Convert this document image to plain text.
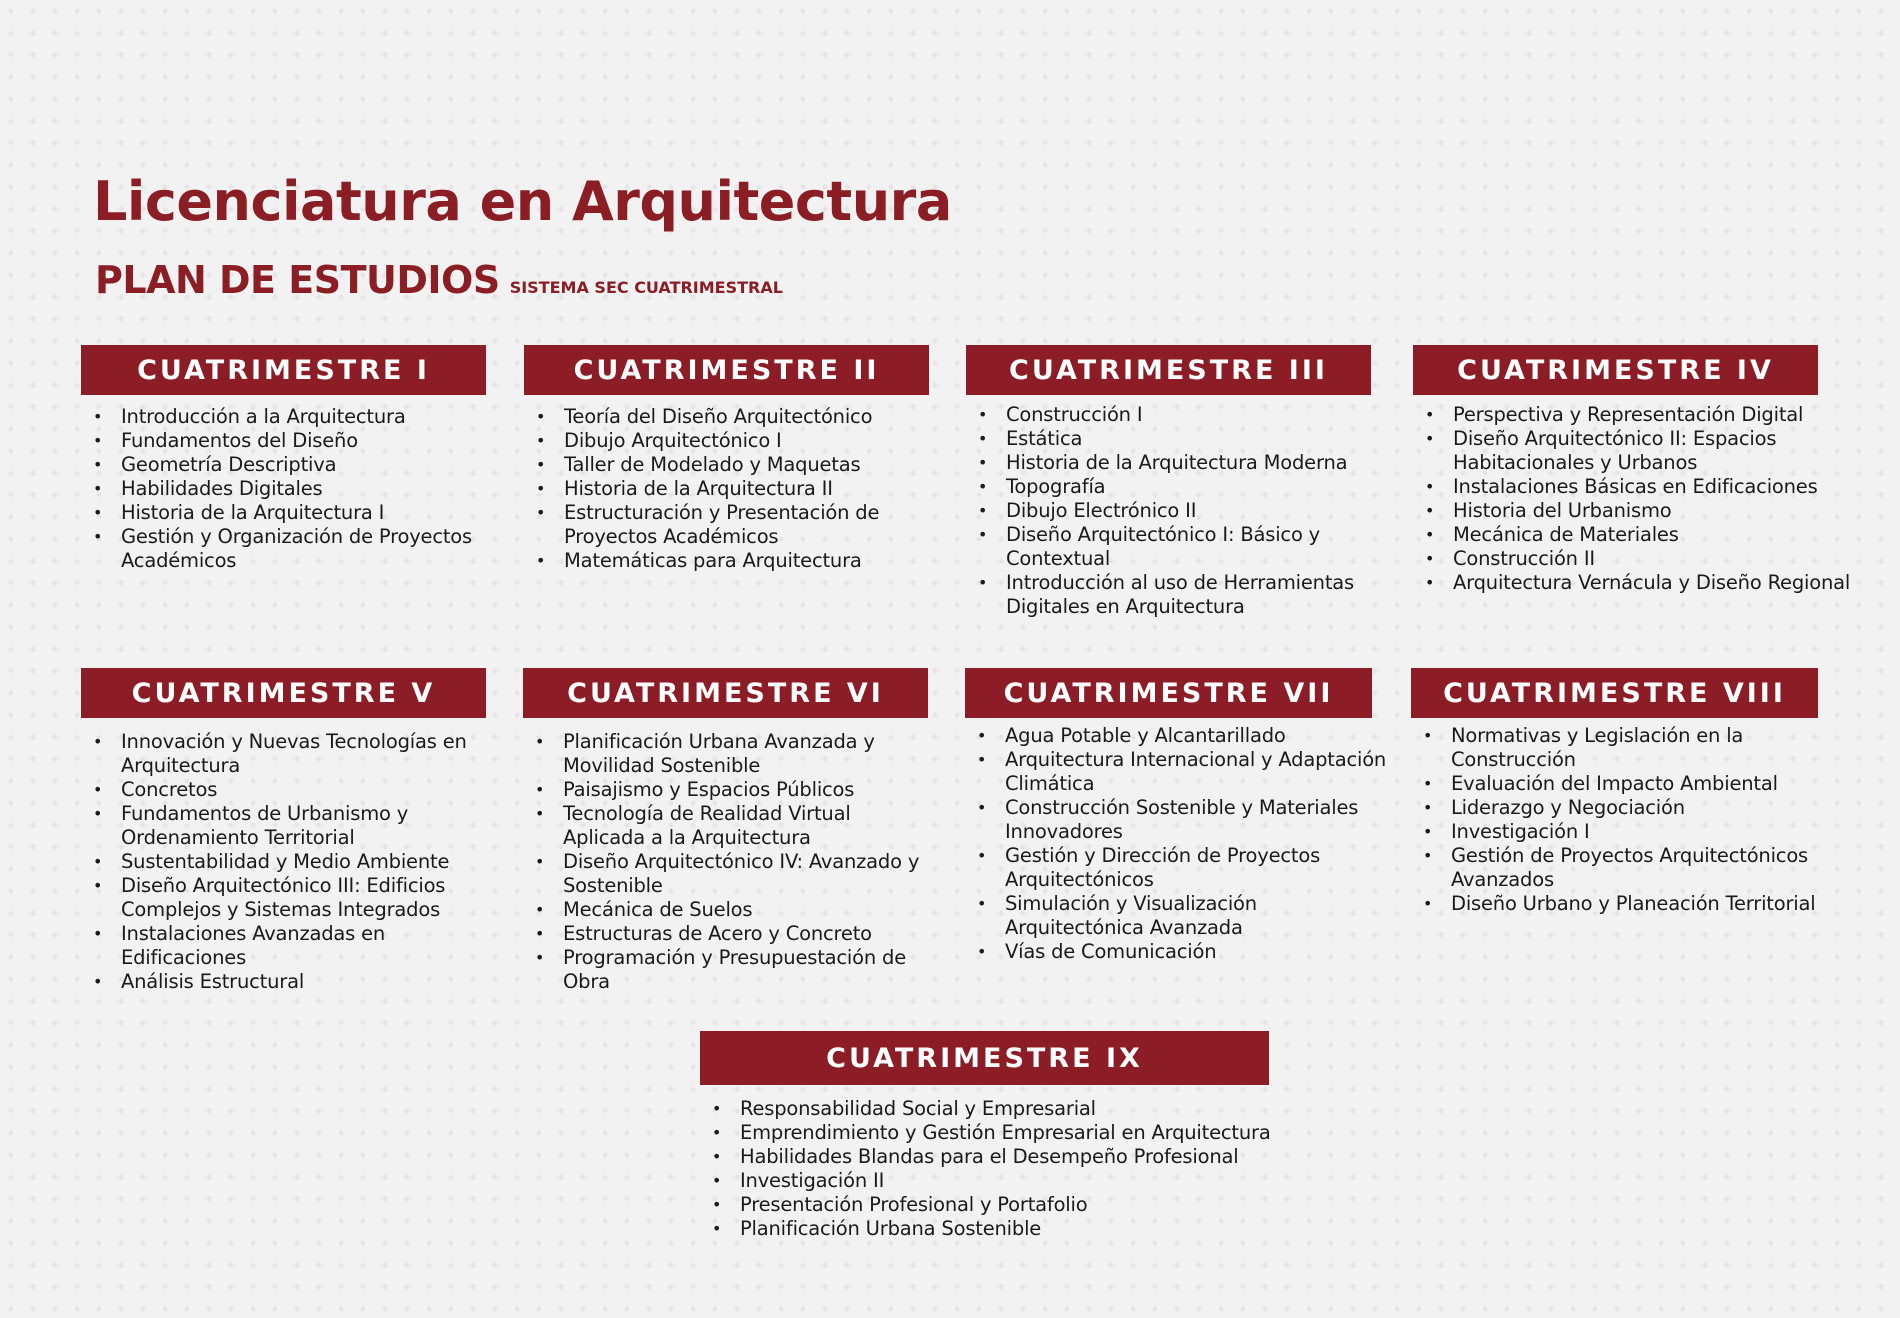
Licenciatura en Arquitectura
PLAN DE ESTUDIOS SISTEMA SEC CUATRIMESTRAL
CUATRIMESTRE I
• Introducción a la Arquitectura
• Fundamentos del Diseño
• Geometría Descriptiva
• Habilidades Digitales
• Historia de la Arquitectura I
• Gestión y Organización de Proyectos Académicos
CUATRIMESTRE II
• Teoría del Diseño Arquitectónico
• Dibujo Arquitectónico I
• Taller de Modelado y Maquetas
• Historia de la Arquitectura II
• Estructuración y Presentación de Proyectos Académicos
• Matemáticas para Arquitectura
CUATRIMESTRE III
• Construcción I
• Estática
• Historia de la Arquitectura Moderna
• Topografía
• Dibujo Electrónico II
• Diseño Arquitectónico I: Básico y Contextual
• Introducción al uso de Herramientas Digitales en Arquitectura
CUATRIMESTRE IV
• Perspectiva y Representación Digital
• Diseño Arquitectónico II: Espacios Habitacionales y Urbanos
• Instalaciones Básicas en Edificaciones
• Historia del Urbanismo
• Mecánica de Materiales
• Construcción II
• Arquitectura Vernácula y Diseño Regional
CUATRIMESTRE V
• Innovación y Nuevas Tecnologías en Arquitectura
• Concretos
• Fundamentos de Urbanismo y Ordenamiento Territorial
• Sustentabilidad y Medio Ambiente
• Diseño Arquitectónico III: Edificios Complejos y Sistemas Integrados
• Instalaciones Avanzadas en Edificaciones
• Análisis Estructural
CUATRIMESTRE VI
• Planificación Urbana Avanzada y Movilidad Sostenible
• Paisajismo y Espacios Públicos
• Tecnología de Realidad Virtual Aplicada a la Arquitectura
• Diseño Arquitectónico IV: Avanzado y Sostenible
• Mecánica de Suelos
• Estructuras de Acero y Concreto
• Programación y Presupuestación de Obra
CUATRIMESTRE VII
• Agua Potable y Alcantarillado
• Arquitectura Internacional y Adaptación Climática
• Construcción Sostenible y Materiales Innovadores
• Gestión y Dirección de Proyectos Arquitectónicos
• Simulación y Visualización Arquitectónica Avanzada
• Vías de Comunicación
CUATRIMESTRE VIII
• Normativas y Legislación en la Construcción
• Evaluación del Impacto Ambiental
• Liderazgo y Negociación
• Investigación I
• Gestión de Proyectos Arquitectónicos Avanzados
• Diseño Urbano y Planeación Territorial
CUATRIMESTRE IX
• Responsabilidad Social y Empresarial
• Emprendimiento y Gestión Empresarial en Arquitectura
• Habilidades Blandas para el Desempeño Profesional
• Investigación II
• Presentación Profesional y Portafolio
• Planificación Urbana Sostenible
